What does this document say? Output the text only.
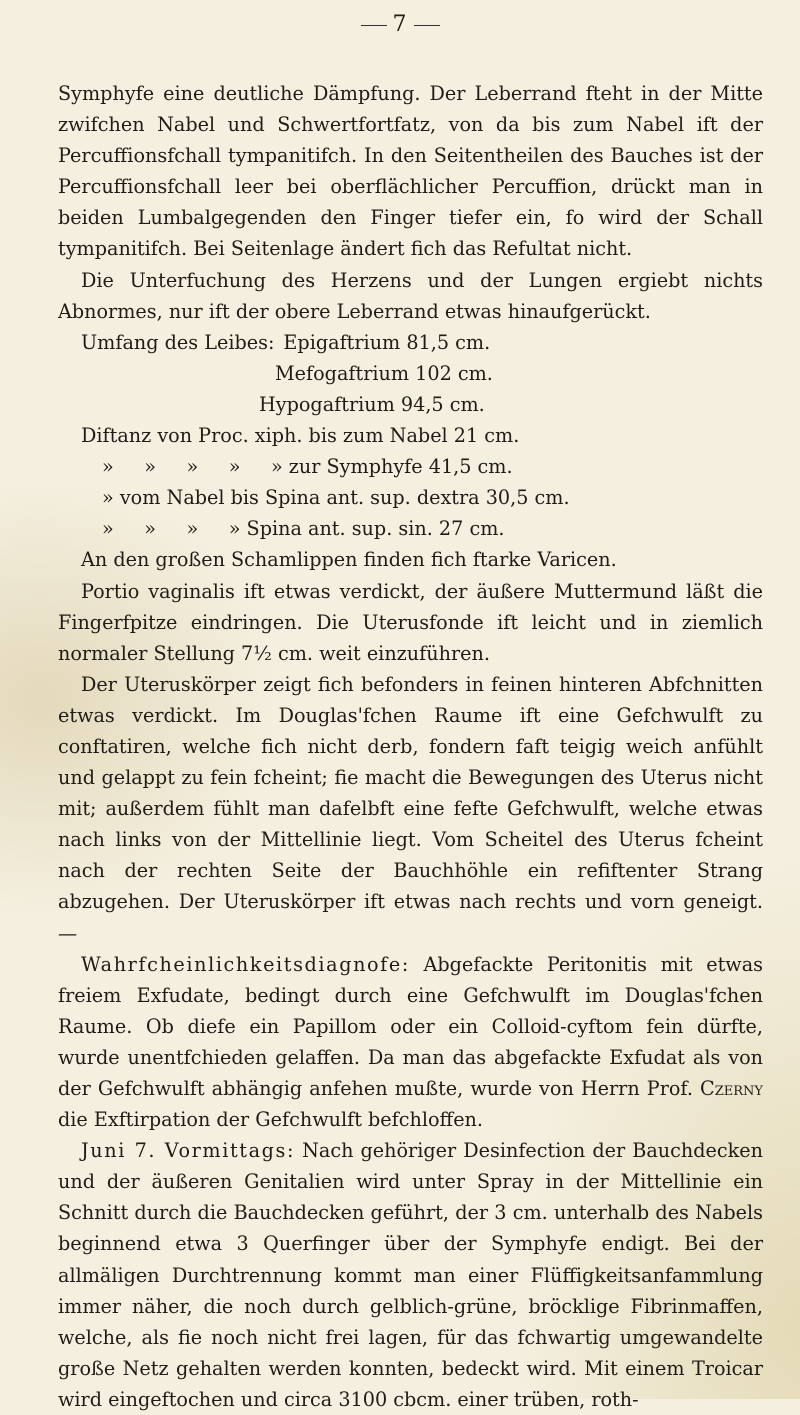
7

Symphyfe eine deutliche Dämpfung. Der Leberrand fteht in der Mitte zwifchen Nabel und Schwertfortfatz, von da bis zum Nabel ift der Percuffionsfchall tympanitifch. In den Seitentheilen des Bauches ist der Percuffionsfchall leer bei oberflächlicher Percuffion, drückt man in beiden Lumbalgegenden den Finger tiefer ein, fo wird der Schall tympanitifch. Bei Seitenlage ändert fich das Refultat nicht.

Die Unterfuchung des Herzens und der Lungen ergiebt nichts Abnormes, nur ift der obere Leberrand etwas hinaufgerückt.

Umfang des Leibes: Epigaftrium 81,5 cm.
Mefogaftrium 102 cm.
Hypogaftrium 94,5 cm.
Diftanz von Proc. xiph. bis zum Nabel 21 cm.
»     »     »     »     » zur Symphyfe 41,5 cm.
» vom Nabel bis Spina ant. sup. dextra 30,5 cm.
»     »     »     » Spina ant. sup. sin. 27 cm.

An den großen Schamlippen finden fich ftarke Varicen.

Portio vaginalis ift etwas verdickt, der äußere Muttermund läßt die Fingerfpitze eindringen. Die Uterusfonde ift leicht und in ziemlich normaler Stellung 7½ cm. weit einzuführen.

Der Uteruskörper zeigt fich befonders in feinen hinteren Abfchnitten etwas verdickt. Im Douglas'fchen Raume ift eine Gefchwulft zu conftatiren, welche fich nicht derb, fondern faft teigig weich anfühlt und gelappt zu fein fcheint; fie macht die Bewegungen des Uterus nicht mit; außerdem fühlt man dafelbft eine fefte Gefchwulft, welche etwas nach links von der Mittellinie liegt. Vom Scheitel des Uterus fcheint nach der rechten Seite der Bauchhöhle ein refiftenter Strang abzugehen. Der Uteruskörper ift etwas nach rechts und vorn geneigt. —

Wahrfcheinlichkeitsdiagnofe: Abgefackte Peritonitis mit etwas freiem Exfudate, bedingt durch eine Gefchwulft im Douglas'fchen Raume. Ob diefe ein Papillom oder ein Colloid-cyftom fein dürfte, wurde unentfchieden gelaffen. Da man das abgefackte Exfudat als von der Gefchwulft abhängig anfehen mußte, wurde von Herrn Prof. Czerny die Exftirpation der Gefchwulft befchloffen.

Juni 7. Vormittags: Nach gehöriger Desinfection der Bauchdecken und der äußeren Genitalien wird unter Spray in der Mittellinie ein Schnitt durch die Bauchdecken geführt, der 3 cm. unterhalb des Nabels beginnend etwa 3 Querfinger über der Symphyfe endigt. Bei der allmäligen Durchtrennung kommt man einer Flüffigkeitsanfammlung immer näher, die noch durch gelblich-grüne, bröcklige Fibrinmaffen, welche, als fie noch nicht frei lagen, für das fchwartig umgewandelte große Netz gehalten werden konnten, bedeckt wird. Mit einem Troicar wird eingeftochen und circa 3100 cbcm. einer trüben, roth-
